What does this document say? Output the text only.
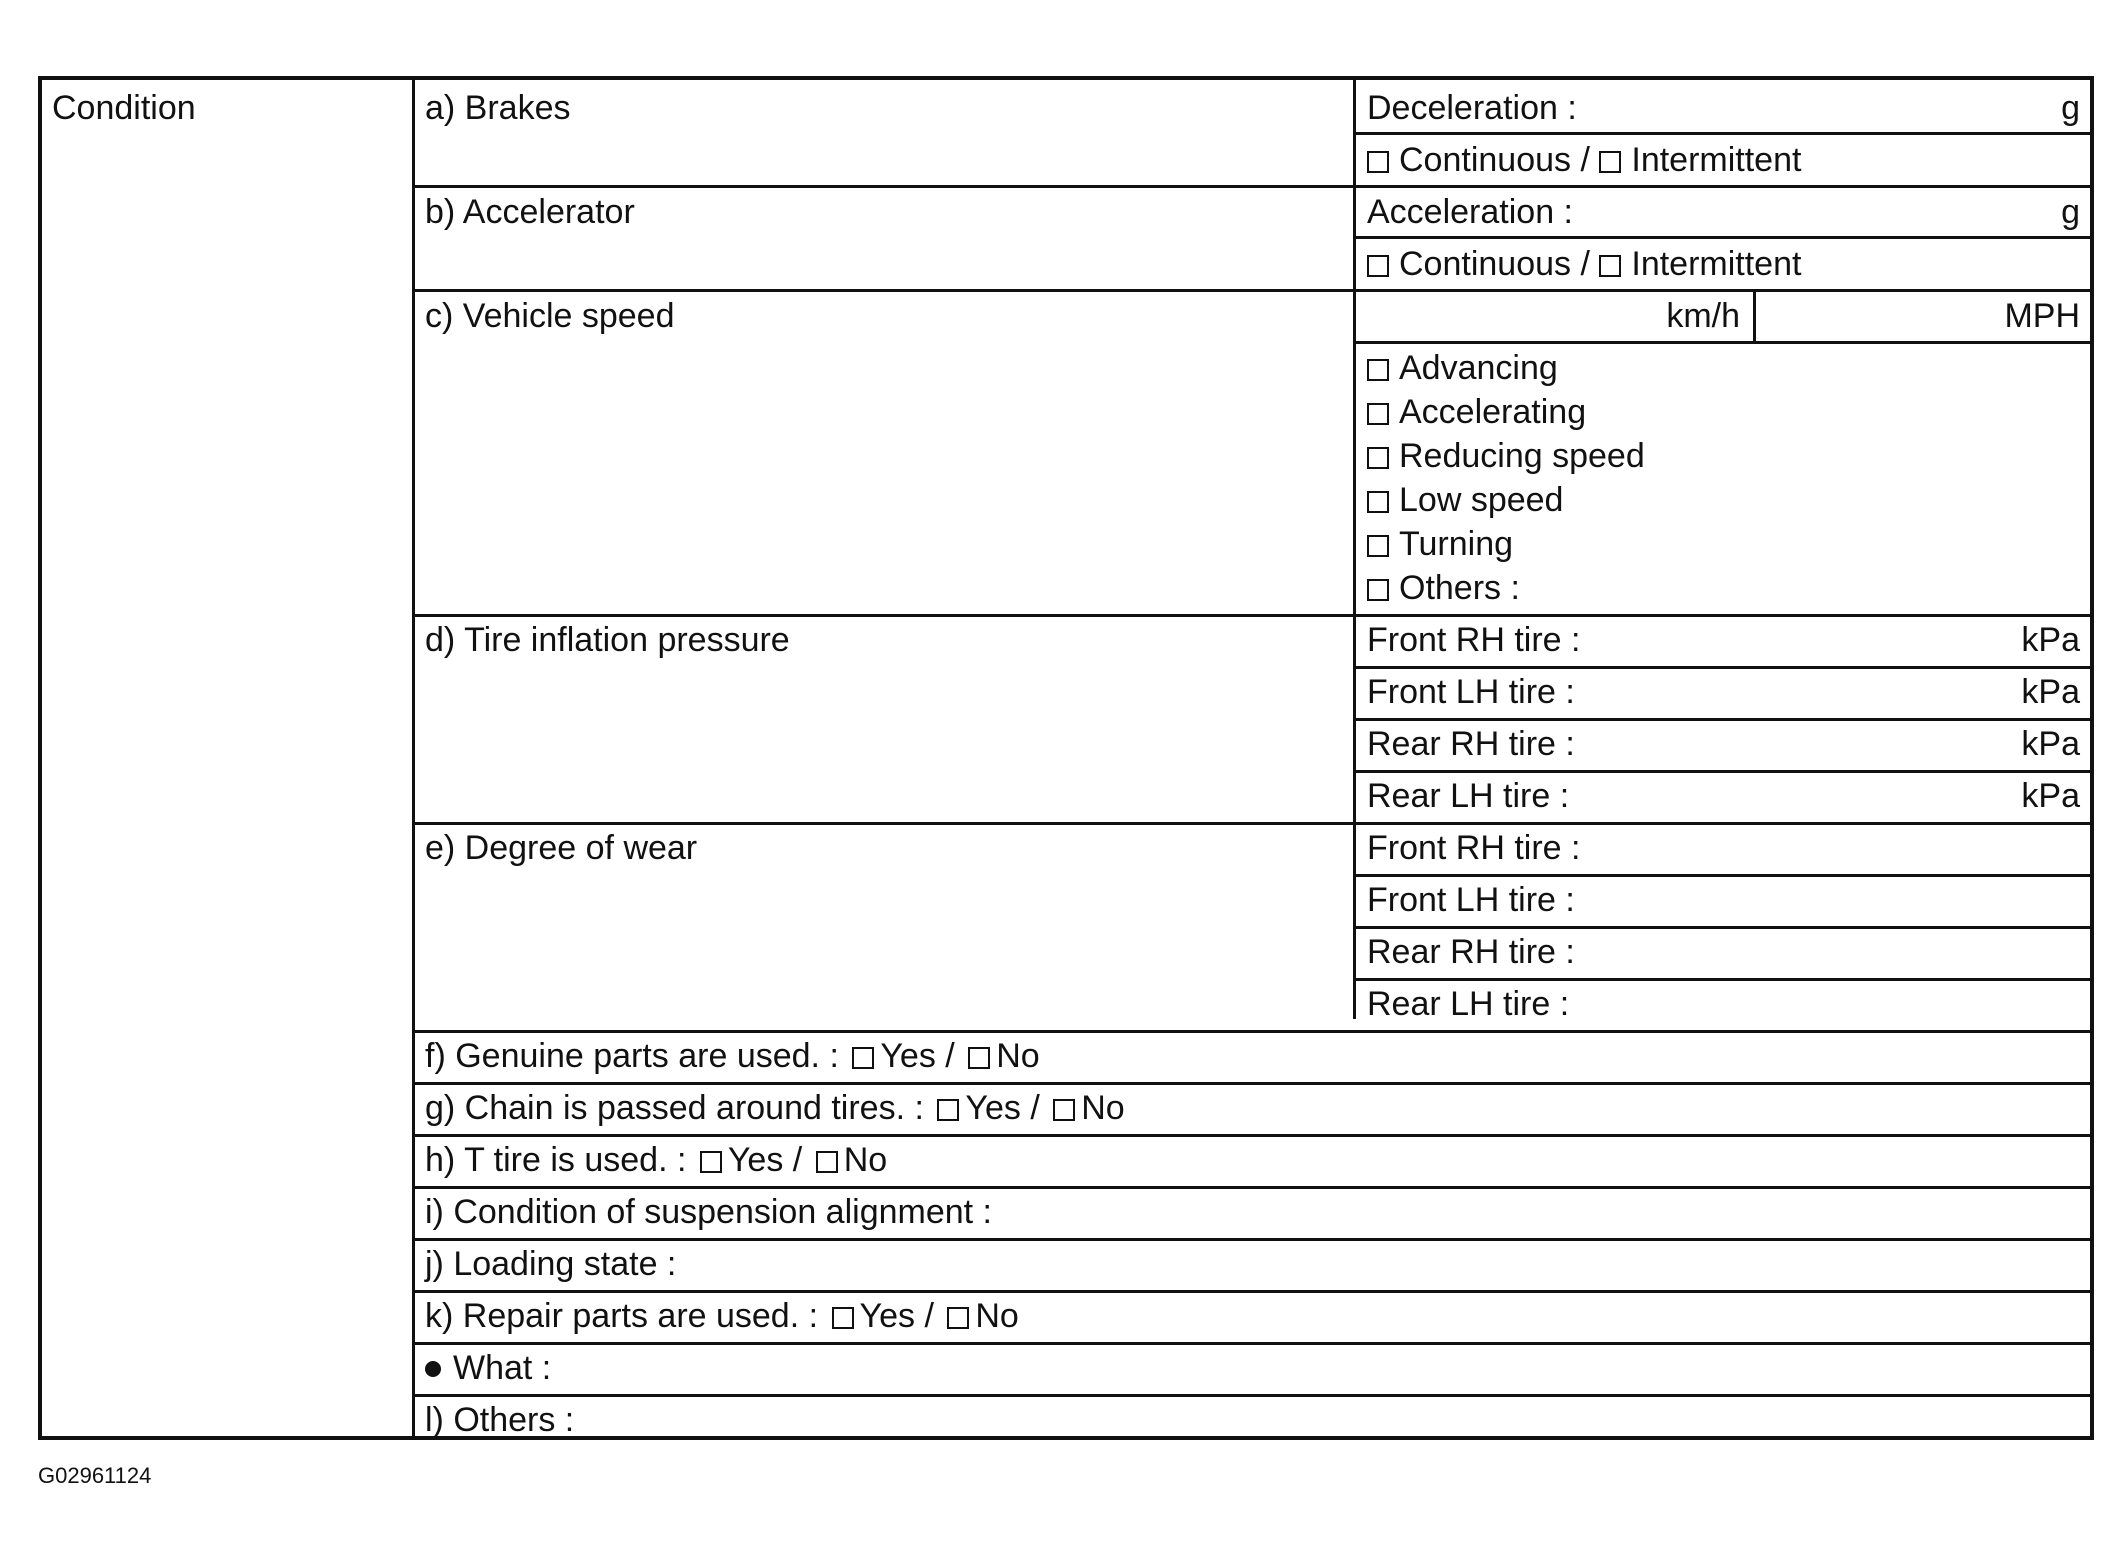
Condition	a) Brakes	Deceleration :	g
Continuous / Intermittent
b) Accelerator	Acceleration :	g
Continuous / Intermittent
c) Vehicle speed	km/h	MPH
Advancing
Accelerating
Reducing speed
Low speed
Turning
Others :
d) Tire inflation pressure	Front RH tire :	kPa
Front LH tire :	kPa
Rear RH tire :	kPa
Rear LH tire :	kPa
e) Degree of wear	Front RH tire :
Front LH tire :
Rear RH tire :
Rear LH tire :
f) Genuine parts are used. : Yes / No
g) Chain is passed around tires. : Yes / No
h) T tire is used. : Yes / No
i) Condition of suspension alignment :
j) Loading state :
k) Repair parts are used. : Yes / No
What :
l) Others :
G02961124
